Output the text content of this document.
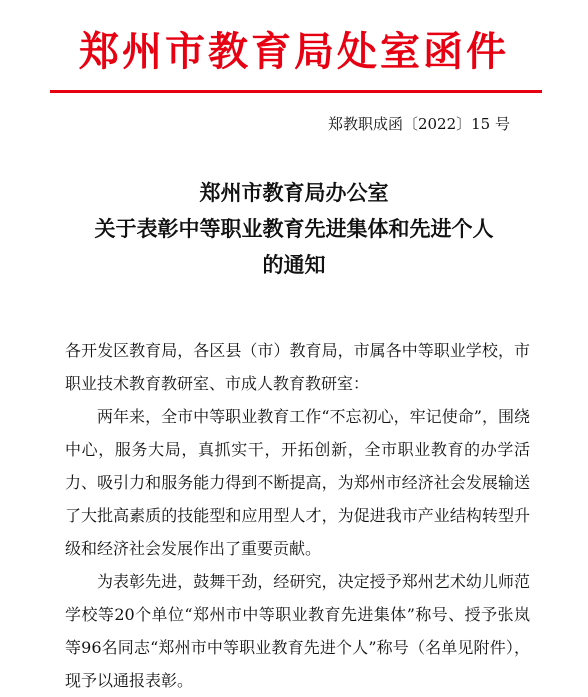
郑州市教育局处室函件
郑教职成函〔2022〕15 号
郑州市教育局办公室
关于表彰中等职业教育先进集体和先进个人
的通知

各开发区教育局，各区县（市）教育局，市属各中等职业学校，市职业技术教育教研室、市成人教育教研室：

两年来，全市中等职业教育工作“不忘初心，牢记使命”，围绕中心，服务大局，真抓实干，开拓创新，全市职业教育的办学活力、吸引力和服务能力得到不断提高，为郑州市经济社会发展输送了大批高素质的技能型和应用型人才，为促进我市产业结构转型升级和经济社会发展作出了重要贡献。

为表彰先进，鼓舞干劲，经研究，决定授予郑州艺术幼儿师范学校等20个单位“郑州市中等职业教育先进集体”称号、授予张岚等96名同志“郑州市中等职业教育先进个人”称号（名单见附件），现予以通报表彰。
